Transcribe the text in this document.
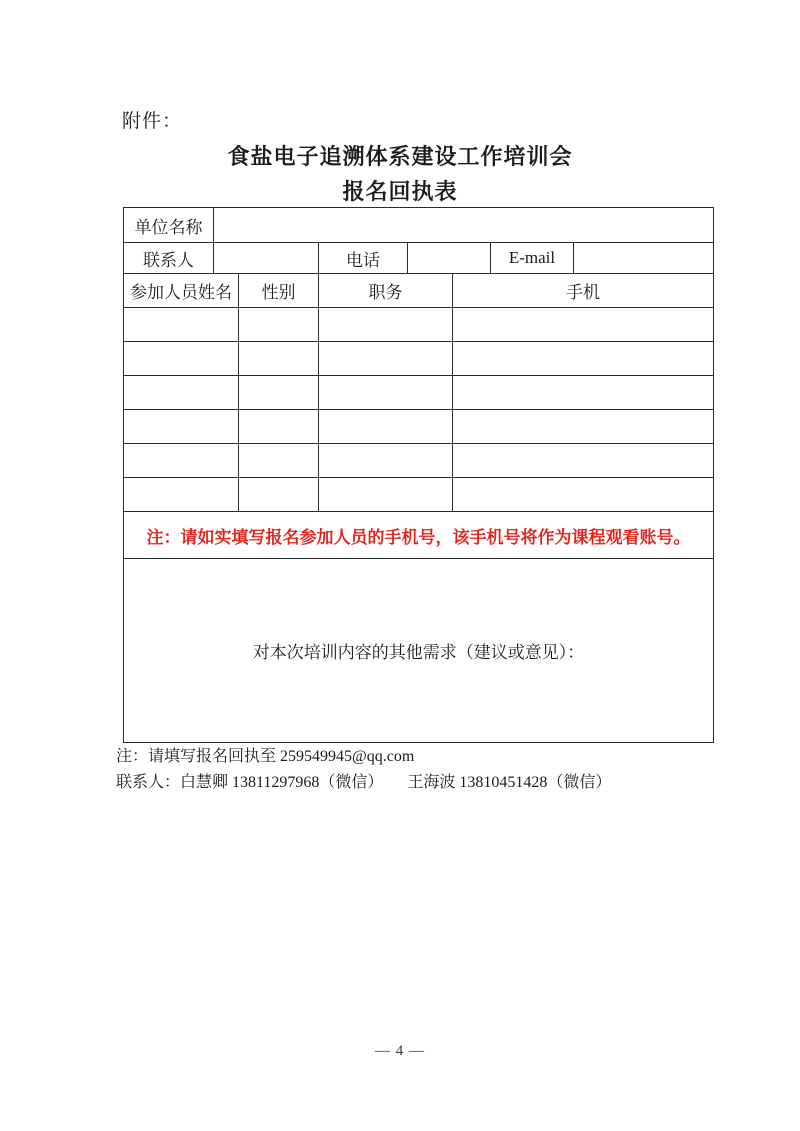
附件：
食盐电子追溯体系建设工作培训会
报名回执表
单位名称							
联系人			电话			E-mail	
参加人员姓名		性别	职务		手机		

注：请如实填写报名参加人员的手机号，该手机号将作为课程观看账号。							
对本次培训内容的其他需求（建议或意见）：							

注：请填写报名回执至 259549945@qq.com

联系人：白慧卿 13811297968（微信）　　王海波 13810451428（微信）

— 4 —
